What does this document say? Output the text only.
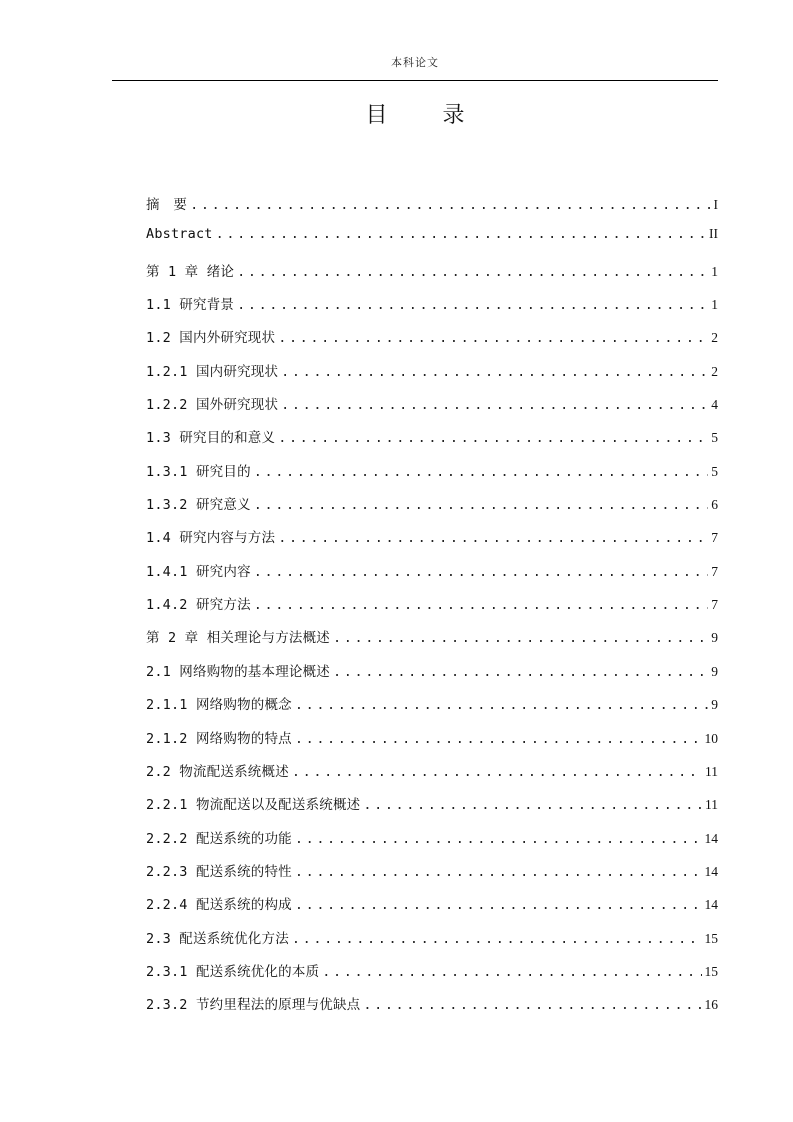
本科论文
目 录
摘　要 .....	I
Abstract .....	II
第 1 章 绪论 .....	1
1.1 研究背景 .....	1
1.2 国内外研究现状 .....	2
1.2.1 国内研究现状 .....	2
1.2.2 国外研究现状 .....	4
1.3 研究目的和意义 .....	5
1.3.1 研究目的 .....	5
1.3.2 研究意义 .....	6
1.4 研究内容与方法 .....	7
1.4.1 研究内容 .....	7
1.4.2 研究方法 .....	7
第 2 章 相关理论与方法概述 .....	9
2.1 网络购物的基本理论概述 .....	9
2.1.1 网络购物的概念 .....	9
2.1.2 网络购物的特点 .....	10
2.2 物流配送系统概述 .....	11
2.2.1 物流配送以及配送系统概述 .....	11
2.2.2 配送系统的功能 .....	14
2.2.3 配送系统的特性 .....	14
2.2.4 配送系统的构成 .....	14
2.3 配送系统优化方法 .....	15
2.3.1 配送系统优化的本质 .....	15
2.3.2 节约里程法的原理与优缺点 .....	16
